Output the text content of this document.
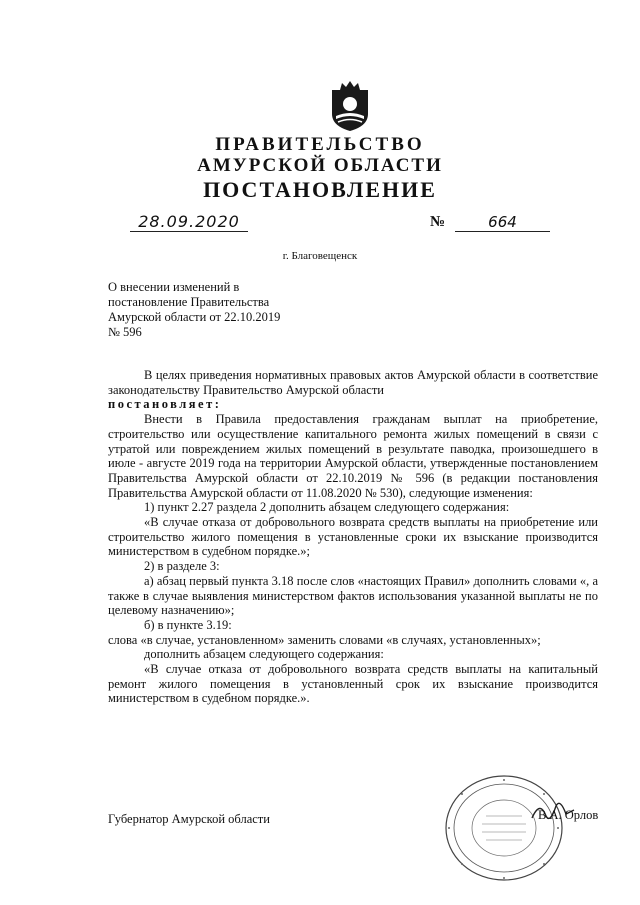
ПРАВИТЕЛЬСТВО
АМУРСКОЙ ОБЛАСТИ
ПОСТАНОВЛЕНИЕ
28.09.2020	№	664
г. Благовещенск
О внесении изменений в
постановление Правительства
Амурской области от 22.10.2019
№ 596

В целях приведения нормативных правовых актов Амурской области в соответствие законодательству Правительство Амурской области

постановляет:

Внести в Правила предоставления гражданам выплат на приобретение, строительство или осуществление капитального ремонта жилых помещений в связи с утратой или повреждением жилых помещений в результате паводка, произошедшего в июле - августе 2019 года на территории Амурской области, утвержденные постановлением Правительства Амурской области от 22.10.2019 № 596 (в редакции постановления Правительства Амурской области от 11.08.2020 № 530), следующие изменения:

1) пункт 2.27 раздела 2 дополнить абзацем следующего содержания:

«В случае отказа от добровольного возврата средств выплаты на приобретение или строительство жилого помещения в установленные сроки их взыскание производится министерством в судебном порядке.»;

2) в разделе 3:

а) абзац первый пункта 3.18 после слов «настоящих Правил» дополнить словами «, а также в случае выявления министерством фактов использования указанной выплаты не по целевому назначению»;

б) в пункте 3.19:

слова «в случае, установленном» заменить словами «в случаях, установленных»;

дополнить абзацем следующего содержания:

«В случае отказа от добровольного возврата средств выплаты на капитальный ремонт жилого помещения в установленный срок их взыскание производится министерством в судебном порядке.».

Губернатор Амурской области	В.А. Орлов
